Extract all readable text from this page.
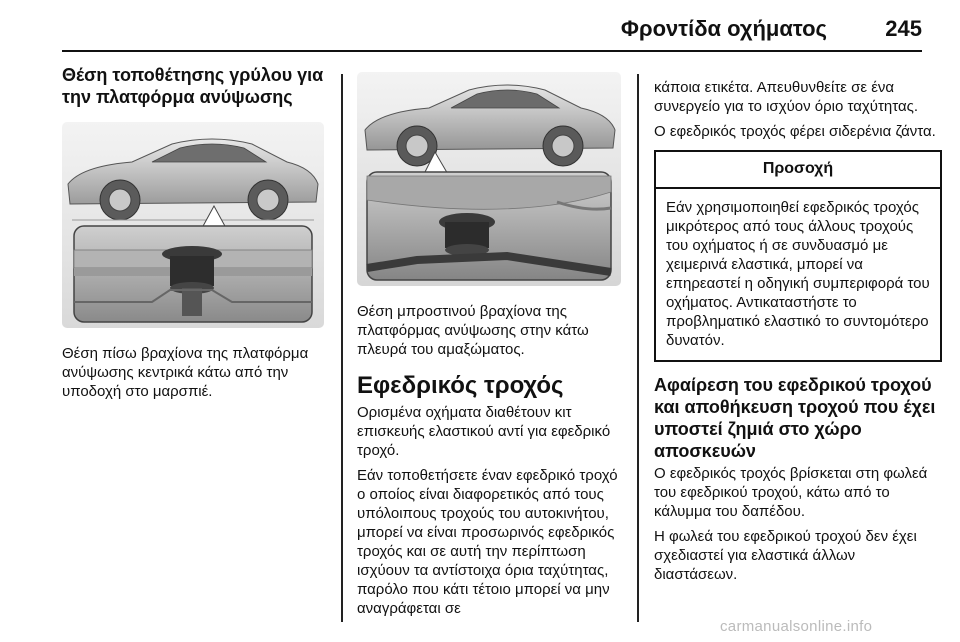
Φροντίδα οχήματος	245
Θέση τοποθέτησης γρύλου για την πλατφόρμα ανύψωσης

Θέση πίσω βραχίονα της πλατφόρμα ανύψωσης κεντρικά κάτω από την υποδοχή στο μαρσπιέ.

Θέση μπροστινού βραχίονα της πλατφόρμας ανύψωσης στην κάτω πλευρά του αμαξώματος.

Εφεδρικός τροχός

Ορισμένα οχήματα διαθέτουν κιτ επισκευής ελαστικού αντί για εφεδρικό τροχό.

Εάν τοποθετήσετε έναν εφεδρικό τροχό ο οποίος είναι διαφορετικός από τους υπόλοιπους τροχούς του αυτοκινήτου, μπορεί να είναι προσωρινός εφεδρικός τροχός και σε αυτή την περίπτωση ισχύουν τα αντίστοιχα όρια ταχύτητας, παρόλο που κάτι τέτοιο μπορεί να μην αναγράφεται σε

κάποια ετικέτα. Απευθυνθείτε σε ένα συνεργείο για το ισχύον όριο ταχύτητας.

Ο εφεδρικός τροχός φέρει σιδερένια ζάντα.

Προσοχή
Εάν χρησιμοποιηθεί εφεδρικός τροχός μικρότερος από τους άλλους τροχούς του οχήματος ή σε συνδυασμό με χειμερινά ελαστικά, μπορεί να επηρεαστεί η οδηγική συμπεριφορά του οχήματος. Αντικαταστήστε το προβληματικό ελαστικό το συντομότερο δυνατόν.
Αφαίρεση του εφεδρικού τροχού και αποθήκευση τροχού που έχει υποστεί ζημιά στο χώρο αποσκευών

Ο εφεδρικός τροχός βρίσκεται στη φωλεά του εφεδρικού τροχού, κάτω από το κάλυμμα του δαπέδου.

Η φωλεά του εφεδρικού τροχού δεν έχει σχεδιαστεί για ελαστικά άλλων διαστάσεων.

carmanualsonline.info
